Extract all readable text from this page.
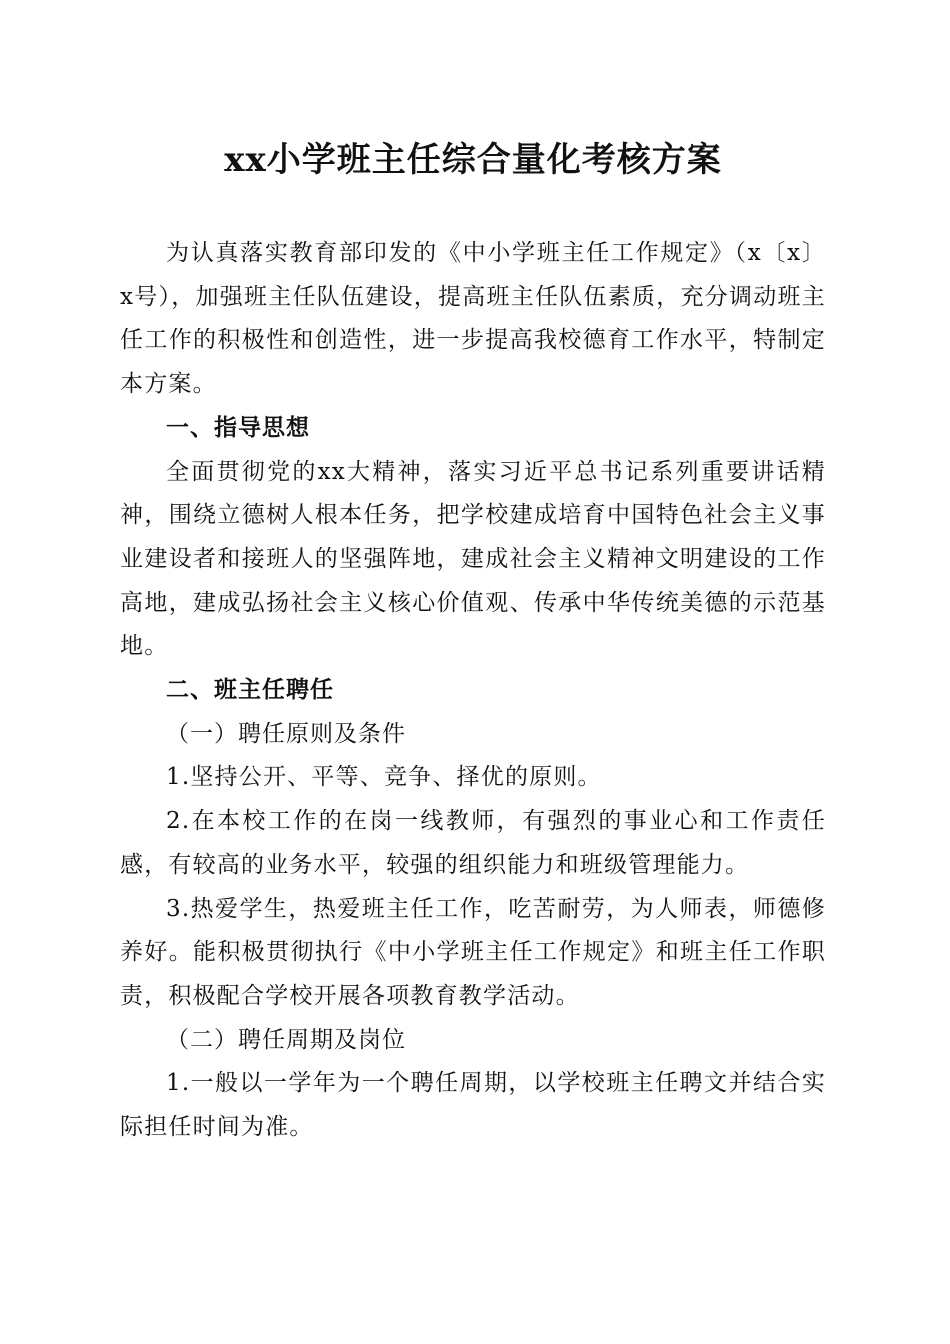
xx小学班主任综合量化考核方案

为认真落实教育部印发的《中小学班主任工作规定》（x〔x〕x号），加强班主任队伍建设，提高班主任队伍素质，充分调动班主任工作的积极性和创造性，进一步提高我校德育工作水平，特制定本方案。

一、指导思想

全面贯彻党的xx大精神，落实习近平总书记系列重要讲话精神，围绕立德树人根本任务，把学校建成培育中国特色社会主义事业建设者和接班人的坚强阵地，建成社会主义精神文明建设的工作高地，建成弘扬社会主义核心价值观、传承中华传统美德的示范基地。

二、班主任聘任

（一）聘任原则及条件

1.坚持公开、平等、竞争、择优的原则。

2.在本校工作的在岗一线教师，有强烈的事业心和工作责任感，有较高的业务水平，较强的组织能力和班级管理能力。

3.热爱学生，热爱班主任工作，吃苦耐劳，为人师表，师德修养好。能积极贯彻执行《中小学班主任工作规定》和班主任工作职责，积极配合学校开展各项教育教学活动。

（二）聘任周期及岗位

1.一般以一学年为一个聘任周期，以学校班主任聘文并结合实际担任时间为准。
